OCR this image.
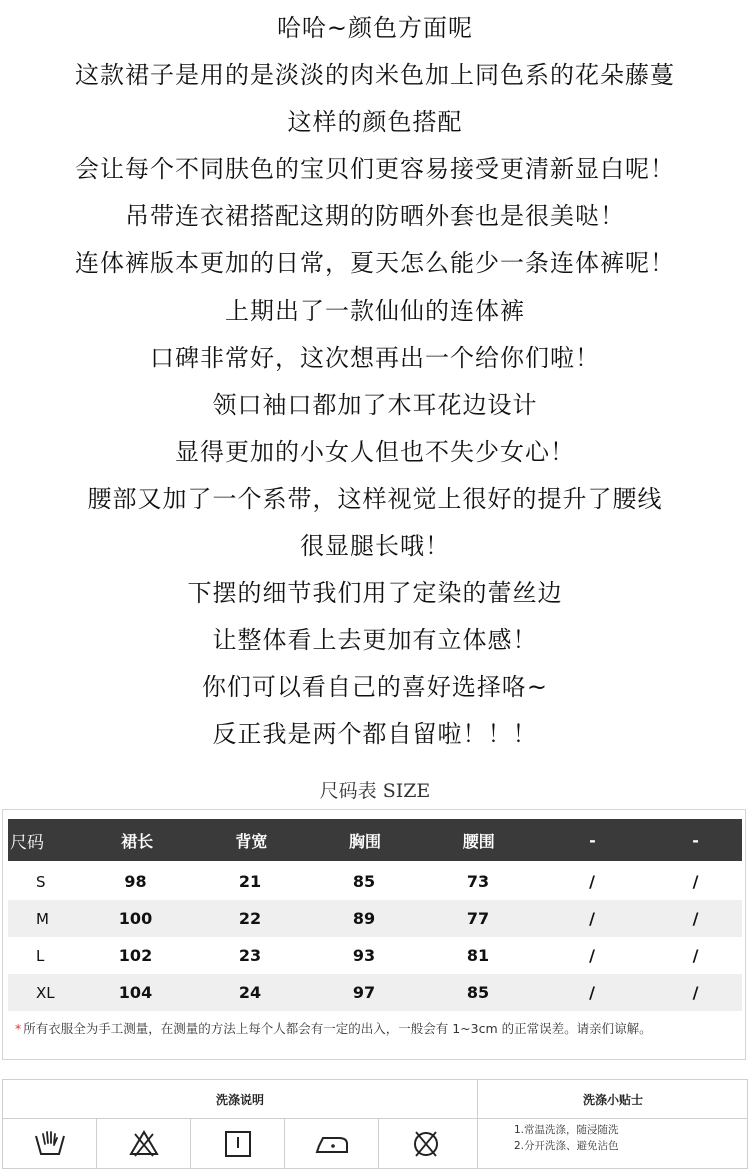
哈哈~颜色方面呢
这款裙子是用的是淡淡的肉米色加上同色系的花朵藤蔓
这样的颜色搭配
会让每个不同肤色的宝贝们更容易接受更清新显白呢！
吊带连衣裙搭配这期的防晒外套也是很美哒！
连体裤版本更加的日常，夏天怎么能少一条连体裤呢！
上期出了一款仙仙的连体裤
口碑非常好，这次想再出一个给你们啦！
领口袖口都加了木耳花边设计
显得更加的小女人但也不失少女心！
腰部又加了一个系带，这样视觉上很好的提升了腰线
很显腿长哦！
下摆的细节我们用了定染的蕾丝边
让整体看上去更加有立体感！
你们可以看自己的喜好选择咯~
反正我是两个都自留啦！！！
尺码表 SIZE
尺码	裙长	背宽	胸围	腰围	-	-
S	98	21	85	73	/	/
M	100	22	89	77	/	/
L	102	23	93	81	/	/
XL	104	24	97	85	/	/
* 所有衣服全为手工测量，在测量的方法上每个人都会有一定的出入，一般会有 1~3cm 的正常误差。请亲们谅解。
洗涤说明	洗涤小贴士
1.常温洗涤，随浸随洗
2.分开洗涤、避免沾色
